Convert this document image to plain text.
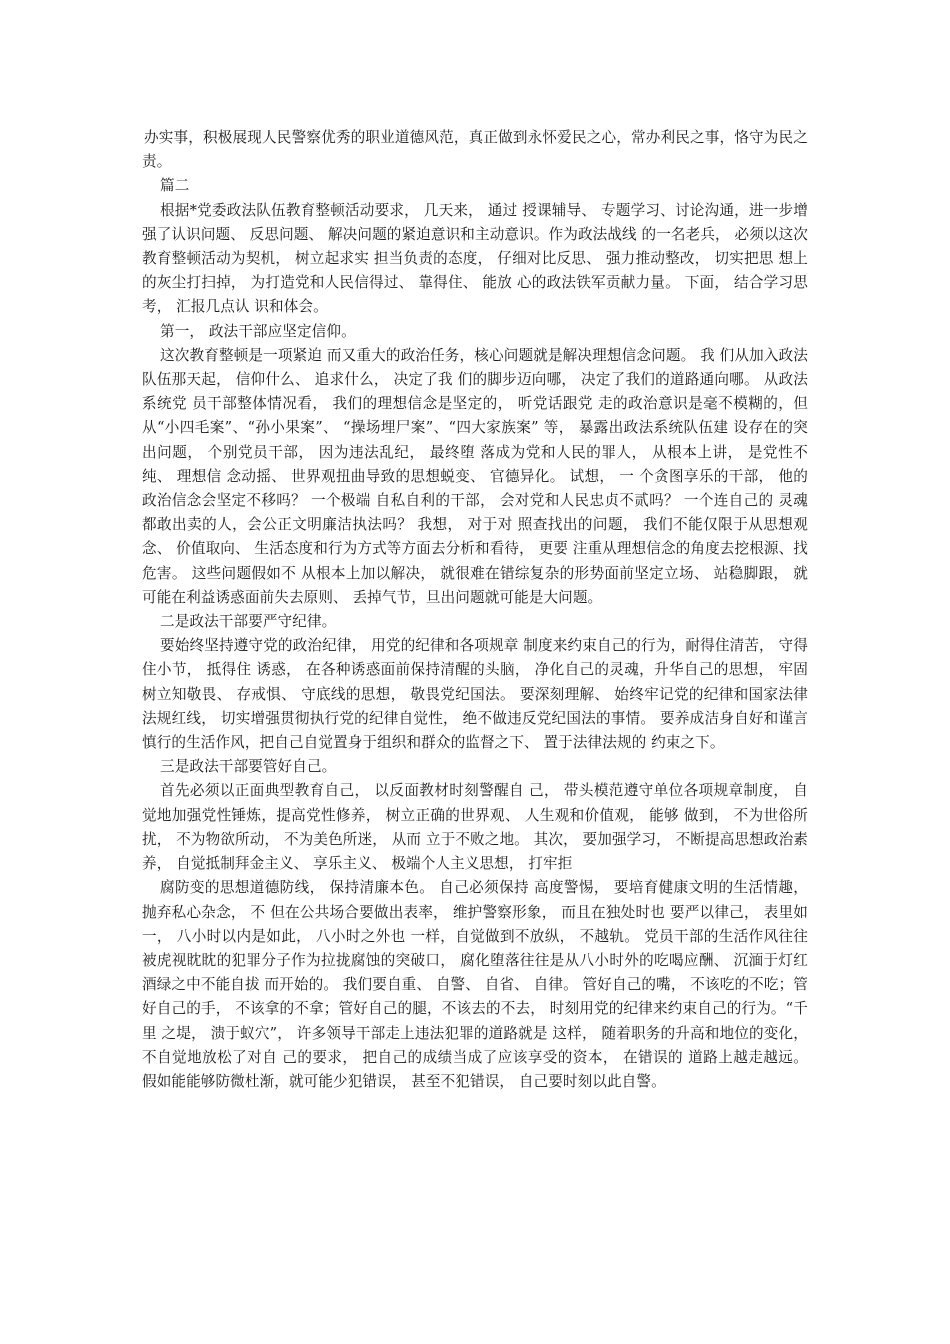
办实事，积极展现人民警察优秀的职业道德风范，真正做到永怀爱民之心，常办利民之事，恪守为民之责。

篇二

根据*党委政法队伍教育整顿活动要求， 几天来， 通过 授课辅导、 专题学习、讨论沟通，进一步增强了认识问题、 反思问题、 解决问题的紧迫意识和主动意识。作为政法战线 的一名老兵， 必须以这次教育整顿活动为契机， 树立起求实 担当负责的态度， 仔细对比反思、 强力推动整改， 切实把思 想上的灰尘打扫掉， 为打造党和人民信得过、 靠得住、 能放 心的政法铁军贡献力量。 下面， 结合学习思考， 汇报几点认 识和体会。

第一， 政法干部应坚定信仰。

这次教育整顿是一项紧迫 而又重大的政治任务，核心问题就是解决理想信念问题。 我 们从加入政法队伍那天起， 信仰什么、 追求什么， 决定了我 们的脚步迈向哪， 决定了我们的道路通向哪。 从政法系统党 员干部整体情况看， 我们的理想信念是坚定的， 听党话跟党 走的政治意识是毫不模糊的，但从“小四毛案”、“孙小果案”、 “操场埋尸案”、“四大家族案” 等， 暴露出政法系统队伍建 设存在的突出问题， 个别党员干部， 因为违法乱纪， 最终堕 落成为党和人民的罪人， 从根本上讲， 是党性不纯、 理想信 念动摇、 世界观扭曲导致的思想蜕变、 官德异化。 试想， 一 个贪图享乐的干部， 他的政治信念会坚定不移吗？ 一个极端 自私自利的干部， 会对党和人民忠贞不贰吗？ 一个连自己的 灵魂都敢出卖的人，会公正文明廉洁执法吗？ 我想， 对于对 照查找出的问题， 我们不能仅限于从思想观念、 价值取向、 生活态度和行为方式等方面去分析和看待， 更要 注重从理想信念的角度去挖根源、找危害。 这些问题假如不 从根本上加以解决， 就很难在错综复杂的形势面前坚定立场、 站稳脚跟， 就可能在利益诱惑面前失去原则、 丢掉气节，旦出问题就可能是大问题。

二是政法干部要严守纪律。

要始终坚持遵守党的政治纪律， 用党的纪律和各项规章 制度来约束自己的行为，耐得住清苦， 守得住小节， 抵得住 诱惑， 在各种诱惑面前保持清醒的头脑， 净化自己的灵魂，升华自己的思想， 牢固树立知敬畏、 存戒惧、 守底线的思想， 敬畏党纪国法。 要深刻理解、 始终牢记党的纪律和国家法律 法规红线， 切实增强贯彻执行党的纪律自觉性， 绝不做违反党纪国法的事情。 要养成洁身自好和谨言慎行的生活作风，把自己自觉置身于组织和群众的监督之下、 置于法律法规的 约束之下。

三是政法干部要管好自己。

首先必须以正面典型教育自己， 以反面教材时刻警醒自 己， 带头模范遵守单位各项规章制度， 自觉地加强党性锤炼，提高党性修养， 树立正确的世界观、 人生观和价值观， 能够 做到， 不为世俗所扰， 不为物欲所动， 不为美色所迷， 从而 立于不败之地。 其次， 要加强学习， 不断提高思想政治素养， 自觉抵制拜金主义、 享乐主义、 极端个人主义思想， 打牢拒

腐防变的思想道德防线， 保持清廉本色。 自己必须保持 高度警惕， 要培育健康文明的生活情趣， 抛弃私心杂念， 不 但在公共场合要做出表率， 维护警察形象， 而且在独处时也 要严以律己， 表里如一， 八小时以内是如此， 八小时之外也 一样，自觉做到不放纵， 不越轨。 党员干部的生活作风往往 被虎视眈眈的犯罪分子作为拉拢腐蚀的突破口， 腐化堕落往往是从八小时外的吃喝应酬、 沉湎于灯红酒绿之中不能自拔 而开始的。 我们要自重、 自警、 自省、 自律。 管好自己的嘴， 不该吃的不吃；管好自己的手， 不该拿的不拿；管好自己的腿，不该去的不去， 时刻用党的纪律来约束自己的行为。“千里 之堤， 溃于蚁穴”， 许多领导干部走上违法犯罪的道路就是 这样， 随着职务的升高和地位的变化， 不自觉地放松了对自 己的要求， 把自己的成绩当成了应该享受的资本， 在错误的 道路上越走越远。 假如能能够防微杜渐，就可能少犯错误， 甚至不犯错误， 自己要时刻以此自警。
